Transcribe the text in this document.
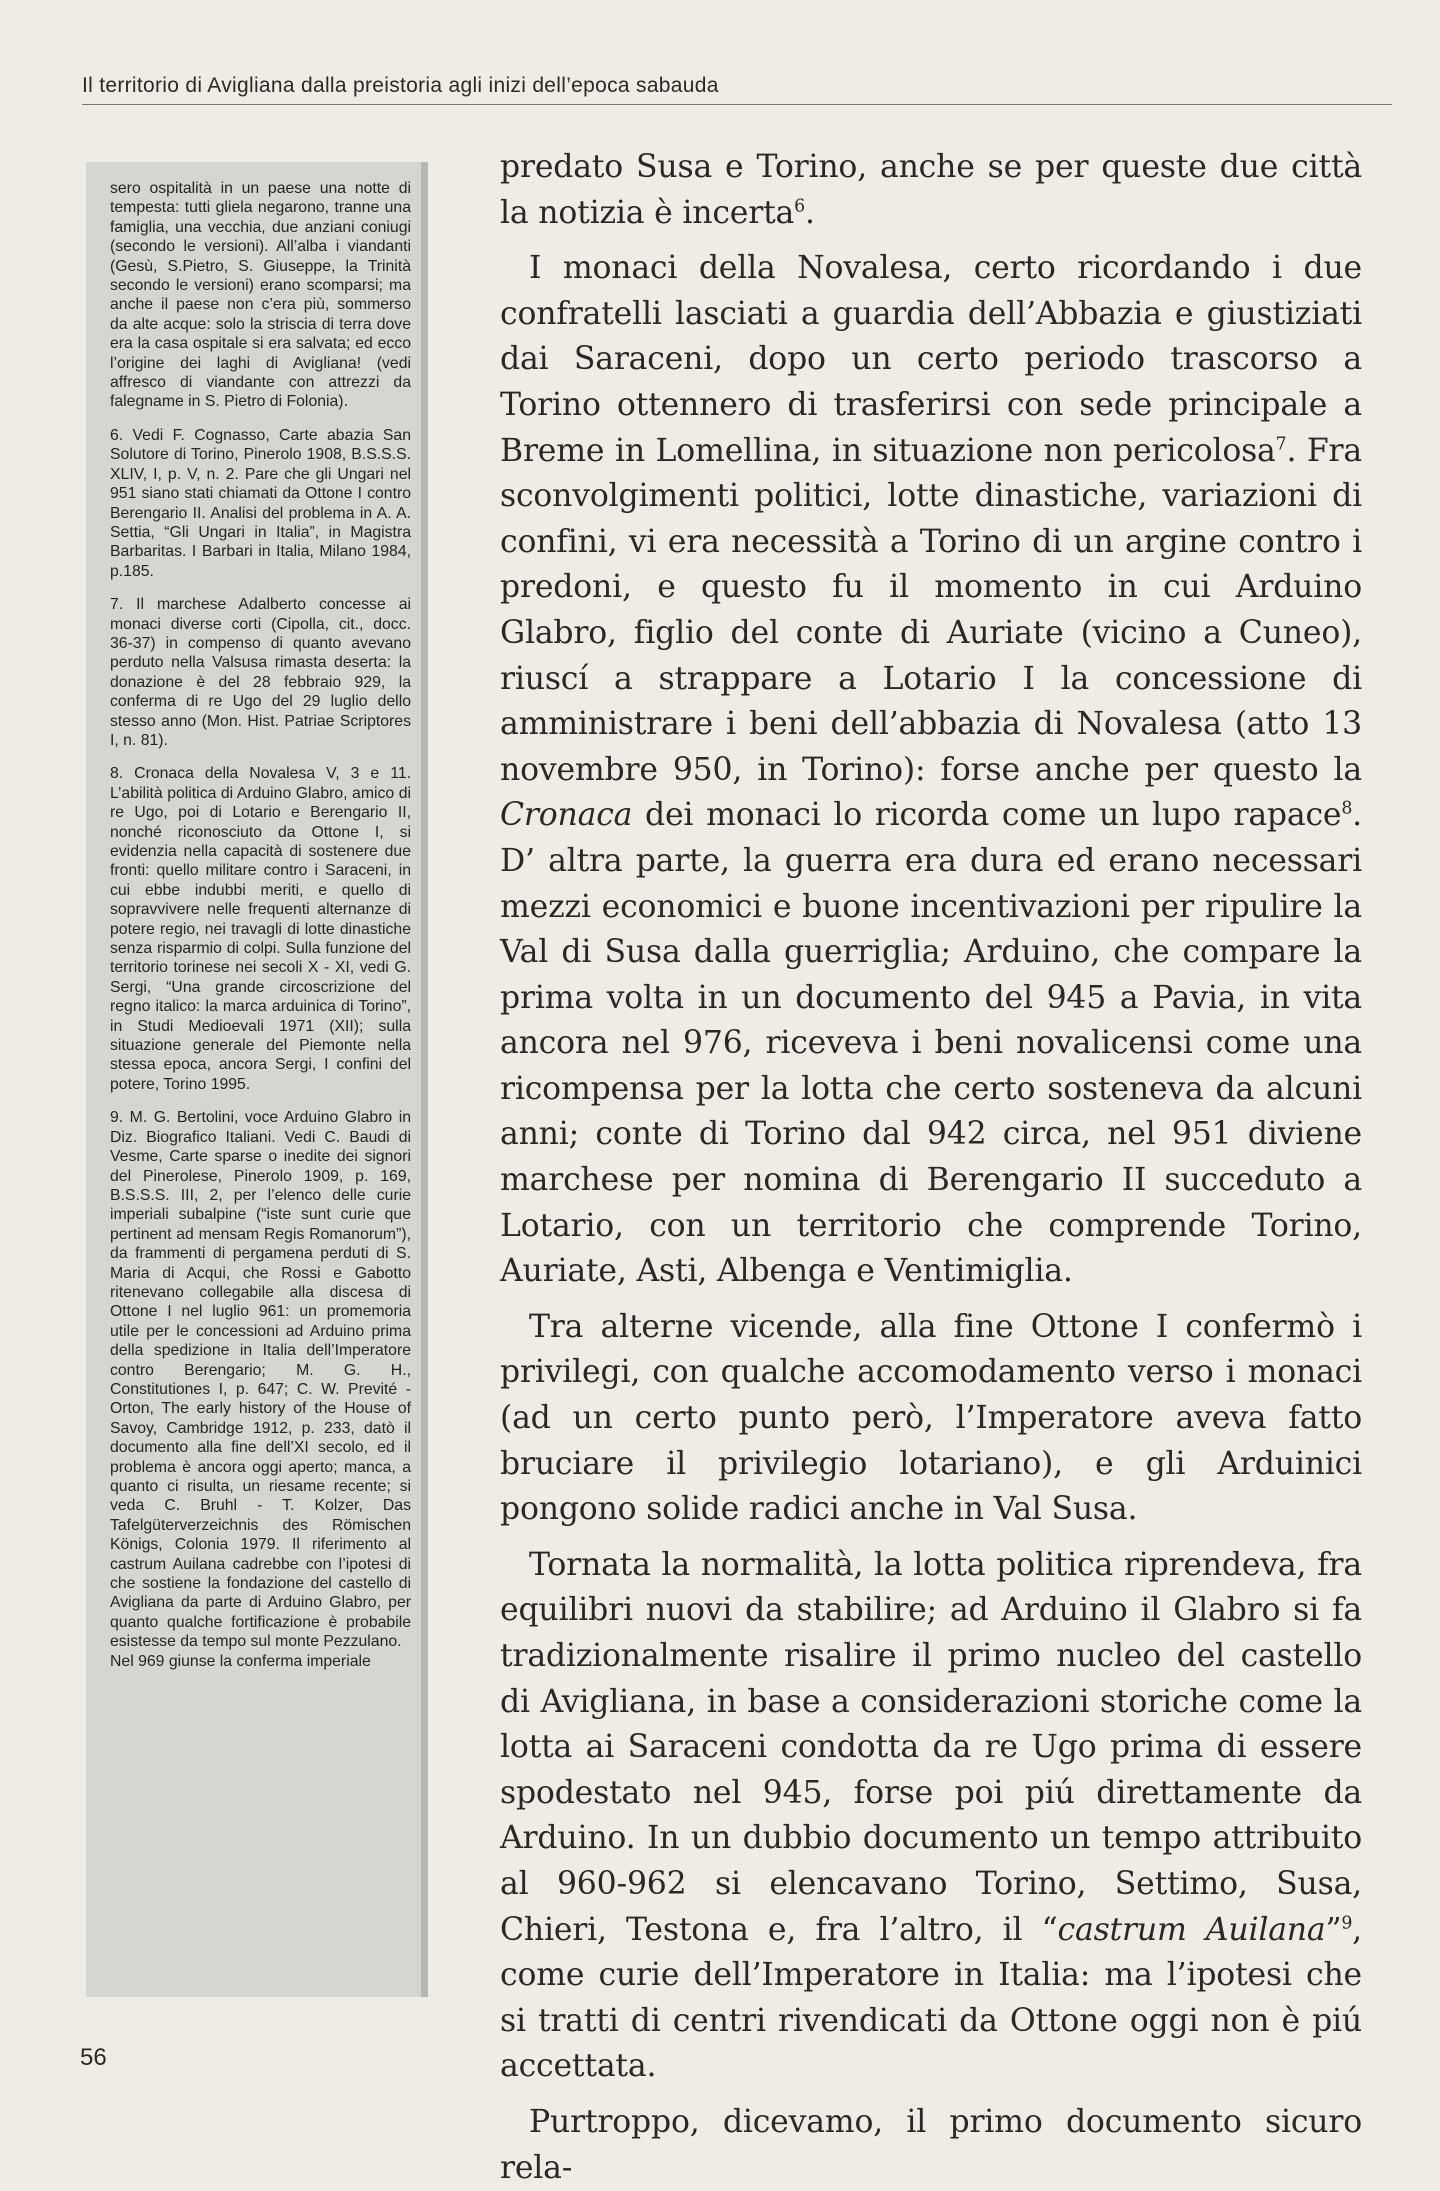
Il territorio di Avigliana dalla preistoria agli inizi dell’epoca sabauda

sero ospitalità in un paese una notte di tempesta: tutti gliela negarono, tranne una famiglia, una vecchia, due anziani coniugi (secondo le versioni). All’alba i viandanti (Gesù, S.Pietro, S. Giuseppe, la Trinità secondo le versioni) erano scomparsi; ma anche il paese non c’era più, sommerso da alte acque: solo la striscia di terra dove era la casa ospitale si era salvata; ed ecco l’origine dei laghi di Avigliana! (vedi affresco di viandante con attrezzi da falegname in S. Pietro di Folonia).

6. Vedi F. Cognasso, Carte abazia San Solutore di Torino, Pinerolo 1908, B.S.S.S. XLIV, I, p. V, n. 2. Pare che gli Ungari nel 951 siano stati chiamati da Ottone I contro Berengario II. Analisi del problema in A. A. Settia, “Gli Ungari in Italia”, in Magistra Barbaritas. I Barbari in Italia, Milano 1984, p.185.

7. Il marchese Adalberto concesse ai monaci diverse corti (Cipolla, cit., docc. 36-37) in compenso di quanto avevano perduto nella Valsusa rimasta deserta: la donazione è del 28 febbraio 929, la conferma di re Ugo del 29 luglio dello stesso anno (Mon. Hist. Patriae Scriptores I, n. 81).

8. Cronaca della Novalesa V, 3 e 11. L’abilità politica di Arduino Glabro, amico di re Ugo, poi di Lotario e Berengario II, nonché riconosciuto da Ottone I, si evidenzia nella capacità di sostenere due fronti: quello militare contro i Saraceni, in cui ebbe indubbi meriti, e quello di sopravvivere nelle frequenti alternanze di potere regio, nei travagli di lotte dinastiche senza risparmio di colpi. Sulla funzione del territorio torinese nei secoli X - XI, vedi G. Sergi, “Una grande circoscrizione del regno italico: la marca arduinica di Torino”, in Studi Medioevali 1971 (XII); sulla situazione generale del Piemonte nella stessa epoca, ancora Sergi, I confini del potere, Torino 1995.

9. M. G. Bertolini, voce Arduino Glabro in Diz. Biografico Italiani. Vedi C. Baudi di Vesme, Carte sparse o inedite dei signori del Pinerolese, Pinerolo 1909, p. 169, B.S.S.S. III, 2, per l’elenco delle curie imperiali subalpine (“iste sunt curie que pertinent ad mensam Regis Romanorum”), da frammenti di pergamena perduti di S. Maria di Acqui, che Rossi e Gabotto ritenevano collegabile alla discesa di Ottone I nel luglio 961: un promemoria utile per le concessioni ad Arduino prima della spedizione in Italia dell’Imperatore contro Berengario; M. G. H., Constitutiones I, p. 647; C. W. Previté - Orton, The early history of the House of Savoy, Cambridge 1912, p. 233, datò il documento alla fine dell’XI secolo, ed il problema è ancora oggi aperto; manca, a quanto ci risulta, un riesame recente; si veda C. Bruhl - T. Kolzer, Das Tafelgüterverzeichnis des Römischen Königs, Colonia 1979. Il riferimento al castrum Auilana cadrebbe con l’ipotesi di che sostiene la fondazione del castello di Avigliana da parte di Arduino Glabro, per quanto qualche fortificazione è probabile esistesse da tempo sul monte Pezzulano.

Nel 969 giunse la conferma imperiale

predato Susa e Torino, anche se per queste due città la notizia è incerta$^6$.

I monaci della Novalesa, certo ricordando i due confratelli lasciati a guardia dell’Abbazia e giustiziati dai Saraceni, dopo un certo periodo trascorso a Torino ottennero di trasferirsi con sede principale a Breme in Lomellina, in situazione non pericolosa$^7$. Fra sconvolgimenti politici, lotte dinastiche, variazioni di confini, vi era necessità a Torino di un argine contro i predoni, e questo fu il momento in cui Arduino Glabro, figlio del conte di Auriate (vicino a Cuneo), riuscí a strappare a Lotario I la concessione di amministrare i beni dell’abbazia di Novalesa (atto 13 novembre 950, in Torino): forse anche per questo la Cronaca dei monaci lo ricorda come un lupo rapace$^8$. D’ altra parte, la guerra era dura ed erano necessari mezzi economici e buone incentivazioni per ripulire la Val di Susa dalla guerriglia; Arduino, che compare la prima volta in un documento del 945 a Pavia, in vita ancora nel 976, riceveva i beni novalicensi come una ricompensa per la lotta che certo sosteneva da alcuni anni; conte di Torino dal 942 circa, nel 951 diviene marchese per nomina di Berengario II succeduto a Lotario, con un territorio che comprende Torino, Auriate, Asti, Albenga e Ventimiglia.

Tra alterne vicende, alla fine Ottone I confermò i privilegi, con qualche accomodamento verso i monaci (ad un certo punto però, l’Imperatore aveva fatto bruciare il privilegio lotariano), e gli Arduinici pongono solide radici anche in Val Susa.

Tornata la normalità, la lotta politica riprendeva, fra equilibri nuovi da stabilire; ad Arduino il Glabro si fa tradizionalmente risalire il primo nucleo del castello di Avigliana, in base a considerazioni storiche come la lotta ai Saraceni condotta da re Ugo prima di essere spodestato nel 945, forse poi piú direttamente da Arduino. In un dubbio documento un tempo attribuito al 960-962 si elencavano Torino, Settimo, Susa, Chieri, Testona e, fra l’altro, il “castrum Auilana”$^9$, come curie dell’Imperatore in Italia: ma l’ipotesi che si tratti di centri rivendicati da Ottone oggi non è piú accettata.

Purtroppo, dicevamo, il primo documento sicuro rela-

56
